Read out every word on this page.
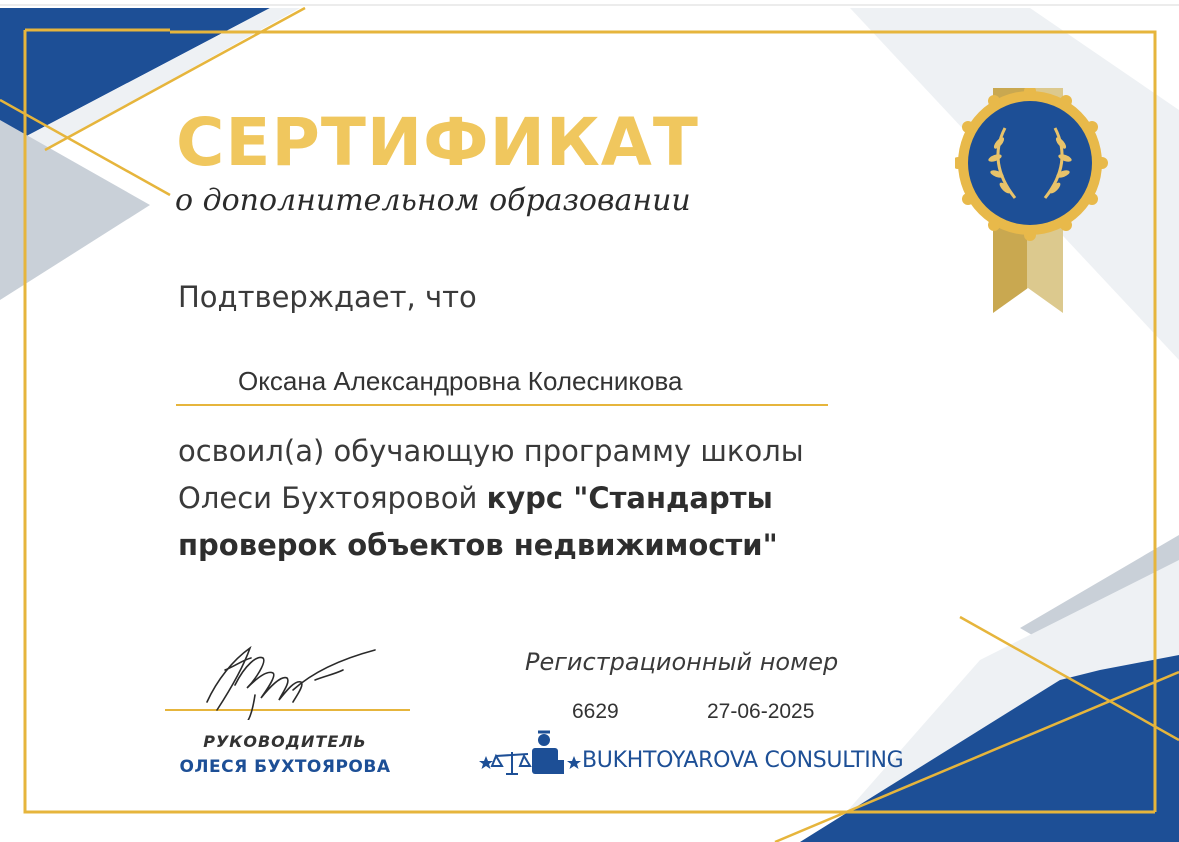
СЕРТИФИКАТ
о дополнительном образовании
Подтверждает, что
Оксана Александровна Колесникова
освоил(а) обучающую программу школы
Олеси Бухтояровой курс "Стандарты
проверок объектов недвижимости"
РУКОВОДИТЕЛЬ
ОЛЕСЯ БУХТОЯРОВА
Регистрационный номер
6629	27-06-2025
BUKHTOYAROVA CONSULTING
